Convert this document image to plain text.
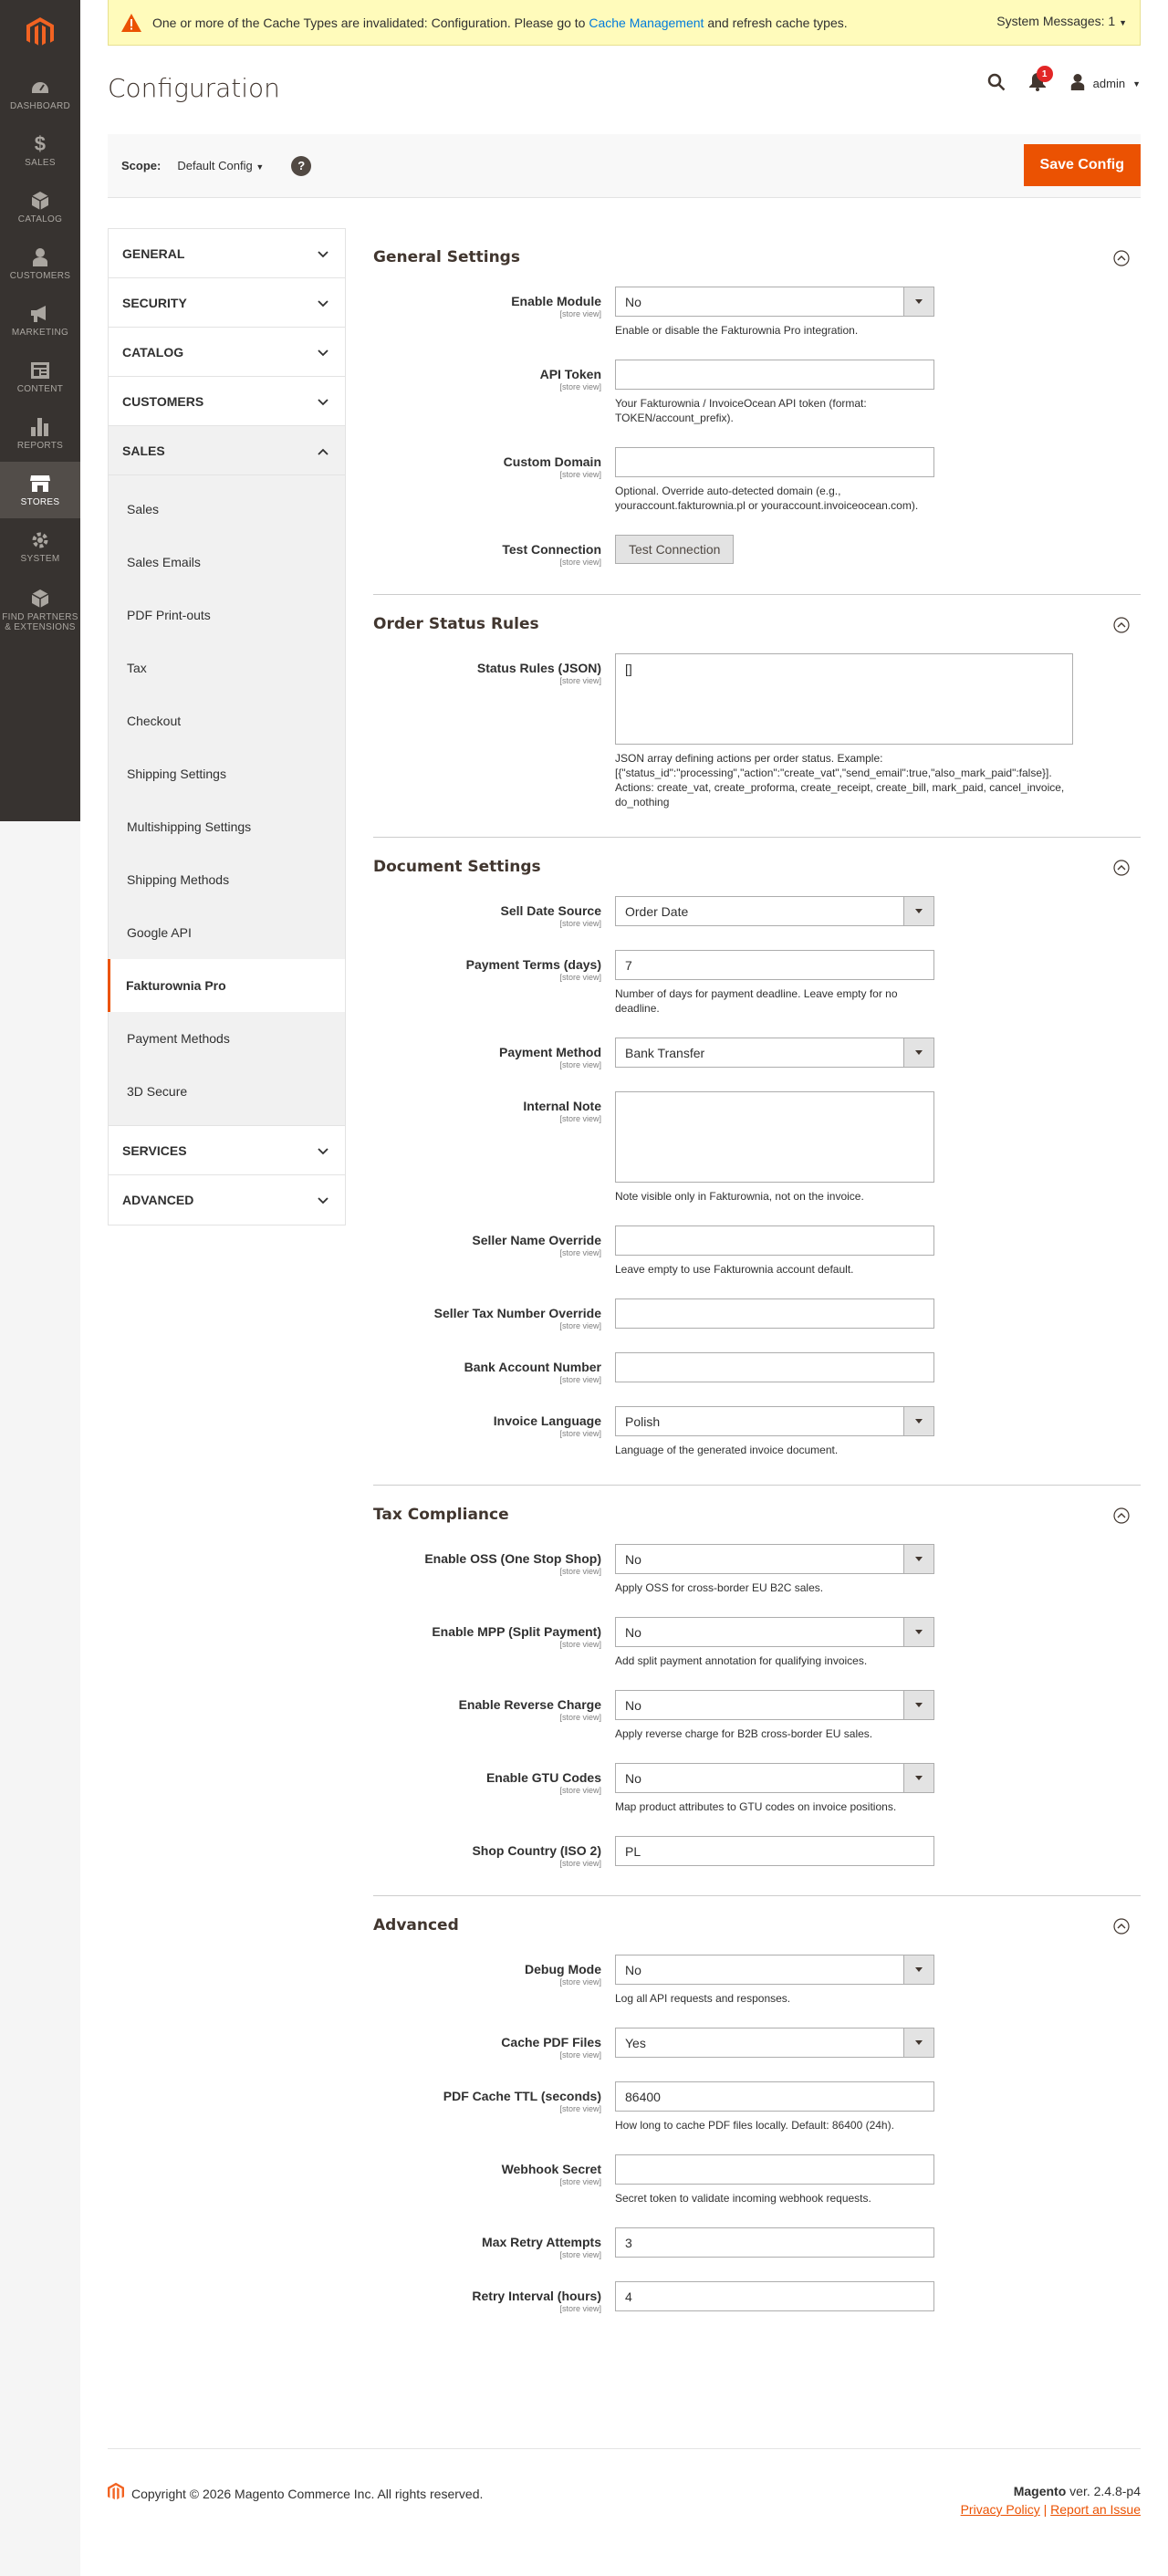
DASHBOARD
$
SALES
CATALOG
CUSTOMERS
MARKETING
CONTENT
REPORTS
STORES
SYSTEM
FIND PARTNERS & EXTENSIONS
One or more of the Cache Types are invalidated: Configuration. Please go to
Cache Management
and refresh cache types.	System Messages: 1 ▼
Configuration	1
admin ▼
Scope: Default Config ▼	?	Save Config
GENERAL
SECURITY
CATALOG
CUSTOMERS
SALES
Sales
Sales Emails
PDF Print-outs
Tax
Checkout
Shipping Settings
Multishipping Settings
Shipping Methods
Google API
Fakturownia Pro
Payment Methods
3D Secure
SERVICES
ADVANCED
General Settings
Enable Module
[store view]
No
Enable or disable the Fakturownia Pro integration.
API Token
[store view]
Your Fakturownia / InvoiceOcean API token (format: TOKEN/account_prefix).
Custom Domain
[store view]
Optional. Override auto-detected domain (e.g., youraccount.fakturownia.pl or youraccount.invoiceocean.com).
Test Connection
[store view]
Test Connection
Order Status Rules
Status Rules (JSON)
[store view]
[]
JSON array defining actions per order status. Example: [{"status_id":"processing","action":"create_vat","send_email":true,"also_mark_paid":false}]. Actions: create_vat, create_proforma, create_receipt, create_bill, mark_paid, cancel_invoice, do_nothing
Document Settings
Sell Date Source
[store view]
Order Date
Payment Terms (days)
[store view]
7
Number of days for payment deadline. Leave empty for no deadline.
Payment Method
[store view]
Bank Transfer
Internal Note
[store view]
Note visible only in Fakturownia, not on the invoice.
Seller Name Override
[store view]
Leave empty to use Fakturownia account default.
Seller Tax Number Override
[store view]
Bank Account Number
[store view]
Invoice Language
[store view]
Polish
Language of the generated invoice document.
Tax Compliance
Enable OSS (One Stop Shop)
[store view]
No
Apply OSS for cross-border EU B2C sales.
Enable MPP (Split Payment)
[store view]
No
Add split payment annotation for qualifying invoices.
Enable Reverse Charge
[store view]
No
Apply reverse charge for B2B cross-border EU sales.
Enable GTU Codes
[store view]
No
Map product attributes to GTU codes on invoice positions.
Shop Country (ISO 2)
[store view]
PL
Advanced
Debug Mode
[store view]
No
Log all API requests and responses.
Cache PDF Files
[store view]
Yes
PDF Cache TTL (seconds)
[store view]
86400
How long to cache PDF files locally. Default: 86400 (24h).
Webhook Secret
[store view]
Secret token to validate incoming webhook requests.
Max Retry Attempts
[store view]
3
Retry Interval (hours)
[store view]
4
Copyright © 2026 Magento Commerce Inc. All rights reserved.	Magento ver. 2.4.8-p4
Privacy Policy | Report an Issue
